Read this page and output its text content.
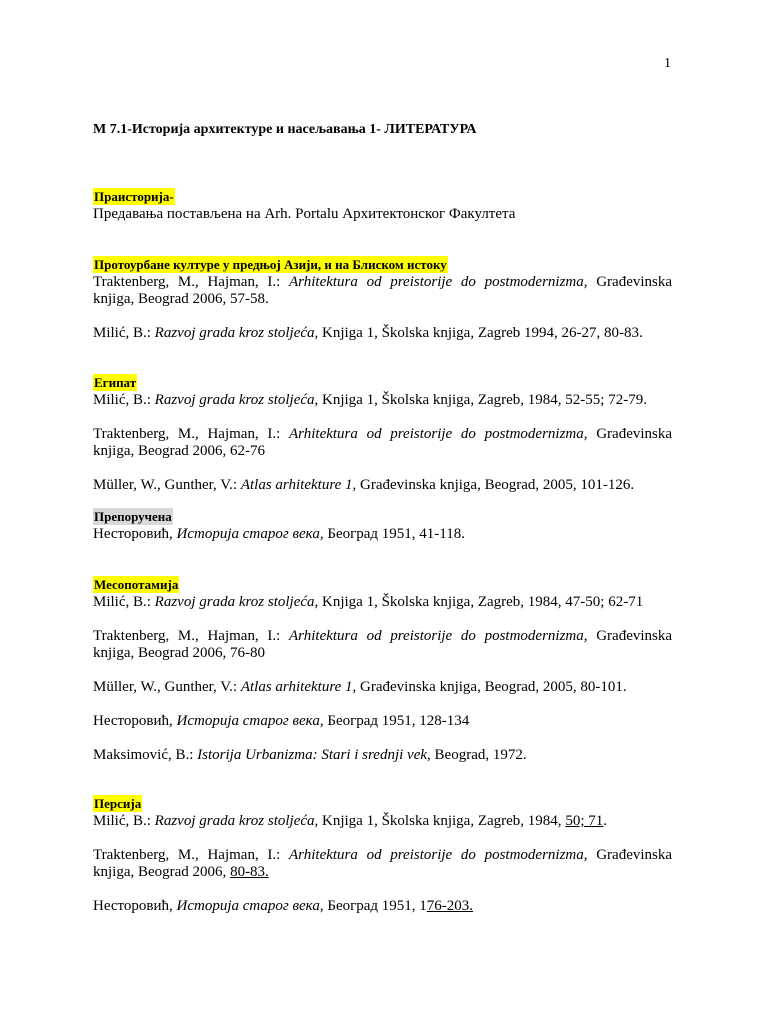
1
М 7.1-Историја архитектуре и насељавања 1- ЛИТЕРАТУРА
Праисторија-

Предавања постављена на Arh. Portalu Архитектонског Факултета

Протоурбане културе у предњој Азији, и на Блиском истоку

Traktenberg, M., Hajman, I.: Arhitektura od preistorije do postmodernizma, Građevinska knjiga, Beograd 2006, 57-58.

Milić, B.: Razvoj grada kroz stoljeća, Knjiga 1, Školska knjiga, Zagreb 1994, 26-27, 80-83.

Египат

Milić, B.: Razvoj grada kroz stoljeća, Knjiga 1, Školska knjiga, Zagreb, 1984, 52-55; 72-79.

Traktenberg, M., Hajman, I.: Arhitektura od preistorije do postmodernizma, Građevinska knjiga, Beograd 2006, 62-76

Müller, W., Gunther, V.: Atlas arhitekture 1, Građevinska knjiga, Beograd, 2005, 101-126.

Препоручена

Несторовић, Историја старог века, Београд 1951, 41-118.

Месопотамија

Milić, B.: Razvoj grada kroz stoljeća, Knjiga 1, Školska knjiga, Zagreb, 1984, 47-50; 62-71

Traktenberg, M., Hajman, I.: Arhitektura od preistorije do postmodernizma, Građevinska knjiga, Beograd 2006, 76-80

Müller, W., Gunther, V.: Atlas arhitekture 1, Građevinska knjiga, Beograd, 2005, 80-101.

Несторовић, Историја старог века, Београд 1951, 128-134

Maksimović, B.: Istorija Urbanizma: Stari i srednji vek, Beograd, 1972.

Персија

Milić, B.: Razvoj grada kroz stoljeća, Knjiga 1, Školska knjiga, Zagreb, 1984, 50; 71.

Traktenberg, M., Hajman, I.: Arhitektura od preistorije do postmodernizma, Građevinska knjiga, Beograd 2006, 80-83.

Несторовић, Историја старог века, Београд 1951, 176-203.
